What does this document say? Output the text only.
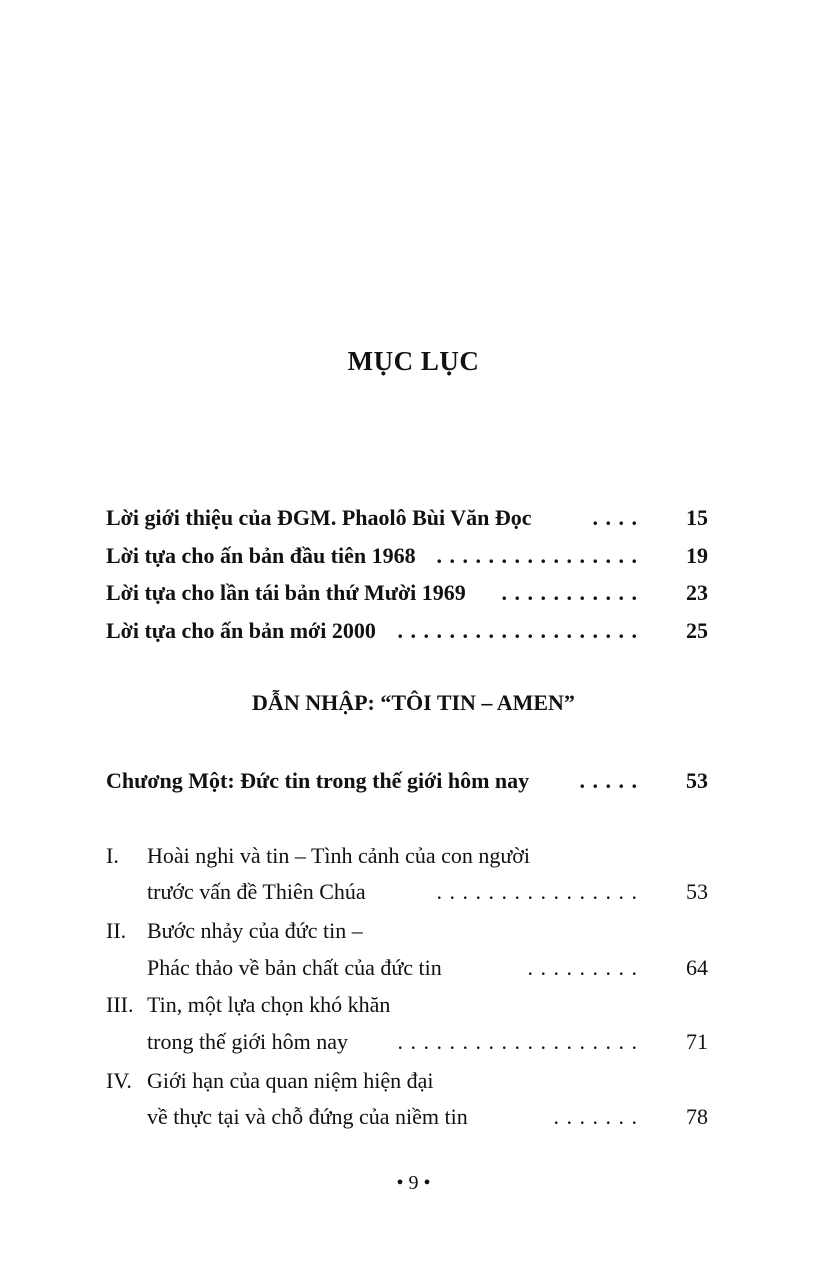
MỤC LỤC
Lời giới thiệu của ĐGM. Phaolô Bùi Văn Đọc	. . . . 15
Lời tựa cho ấn bản đầu tiên 1968 . . . . . . . . . . . . . . . . 19
Lời tựa cho lần tái bản thứ Mười 1969 . . . . . . . . . . . 23
Lời tựa cho ấn bản mới 2000 . . . . . . . . . . . . . . . . . . . 25
DẪN NHẬP: “TÔI TIN – AMEN”
Chương Một: Đức tin trong thế giới hôm nay . . . . . 53
I. Hoài nghi và tin – Tình cảnh của con người
trước vấn đề Thiên Chúa	. . . . . . . . . . . . . . . . 53
II. Bước nhảy của đức tin –
Phác thảo về bản chất của đức tin	. . . . . . . . . 64
III. Tin, một lựa chọn khó khăn
trong thế giới hôm nay . . . . . . . . . . . . . . . . . . . 71
IV. Giới hạn của quan niệm hiện đại
về thực tại và chỗ đứng của niềm tin	. . . . . . . 78
• 9 •
